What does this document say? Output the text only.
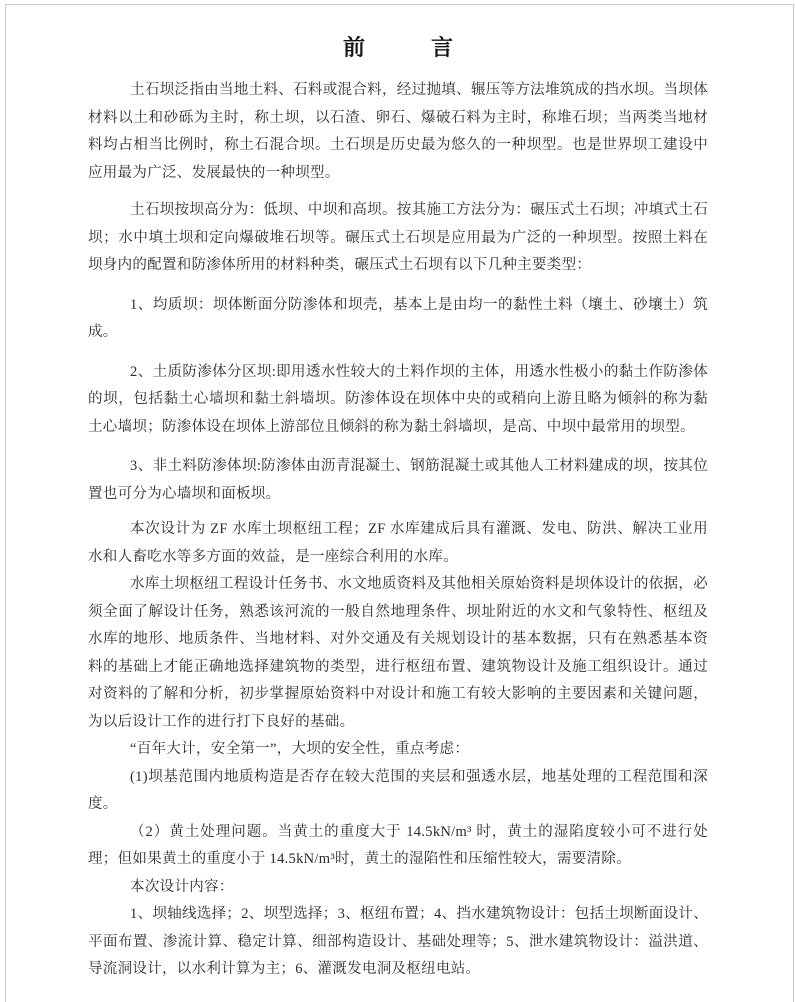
前　　　言

土石坝泛指由当地土料、石料或混合料，经过抛填、辗压等方法堆筑成的挡水坝。当坝体材料以土和砂砾为主时，称土坝，以石渣、卵石、爆破石料为主时，称堆石坝；当两类当地材料均占相当比例时，称土石混合坝。土石坝是历史最为悠久的一种坝型。也是世界坝工建设中应用最为广泛、发展最快的一种坝型。

土石坝按坝高分为：低坝、中坝和高坝。按其施工方法分为：碾压式土石坝；冲填式土石坝；水中填土坝和定向爆破堆石坝等。碾压式土石坝是应用最为广泛的一种坝型。按照土料在坝身内的配置和防渗体所用的材料种类，碾压式土石坝有以下几种主要类型：

1、均质坝：坝体断面分防渗体和坝壳，基本上是由均一的黏性土料（壤土、砂壤土）筑成。

2、土质防渗体分区坝:即用透水性较大的土料作坝的主体，用透水性极小的黏土作防渗体的坝，包括黏土心墙坝和黏土斜墙坝。防渗体设在坝体中央的或稍向上游且略为倾斜的称为黏土心墙坝；防渗体设在坝体上游部位且倾斜的称为黏土斜墙坝，是高、中坝中最常用的坝型。

3、非土料防渗体坝:防渗体由沥青混凝土、钢筋混凝土或其他人工材料建成的坝，按其位置也可分为心墙坝和面板坝。

本次设计为 ZF 水库土坝枢纽工程；ZF 水库建成后具有灌溉、发电、防洪、解决工业用水和人畜吃水等多方面的效益，是一座综合利用的水库。

水库土坝枢纽工程设计任务书、水文地质资料及其他相关原始资料是坝体设计的依据，必须全面了解设计任务，熟悉该河流的一般自然地理条件、坝址附近的水文和气象特性、枢纽及水库的地形、地质条件、当地材料、对外交通及有关规划设计的基本数据，只有在熟悉基本资料的基础上才能正确地选择建筑物的类型，进行枢纽布置、建筑物设计及施工组织设计。通过对资料的了解和分析，初步掌握原始资料中对设计和施工有较大影响的主要因素和关键问题，为以后设计工作的进行打下良好的基础。

“百年大计，安全第一”，大坝的安全性，重点考虑：

(1)坝基范围内地质构造是否存在较大范围的夹层和强透水层，地基处理的工程范围和深度。

（2）黄土处理问题。当黄土的重度大于 14.5kN/m³ 时，黄土的湿陷度较小可不进行处理；但如果黄土的重度小于 14.5kN/m³时，黄土的湿陷性和压缩性较大，需要清除。

本次设计内容：

1、坝轴线选择；2、坝型选择；3、枢纽布置；4、挡水建筑物设计：包括土坝断面设计、平面布置、渗流计算、稳定计算、细部构造设计、基础处理等；5、泄水建筑物设计：溢洪道、导流洞设计，以水利计算为主；6、灌溉发电洞及枢纽电站。
